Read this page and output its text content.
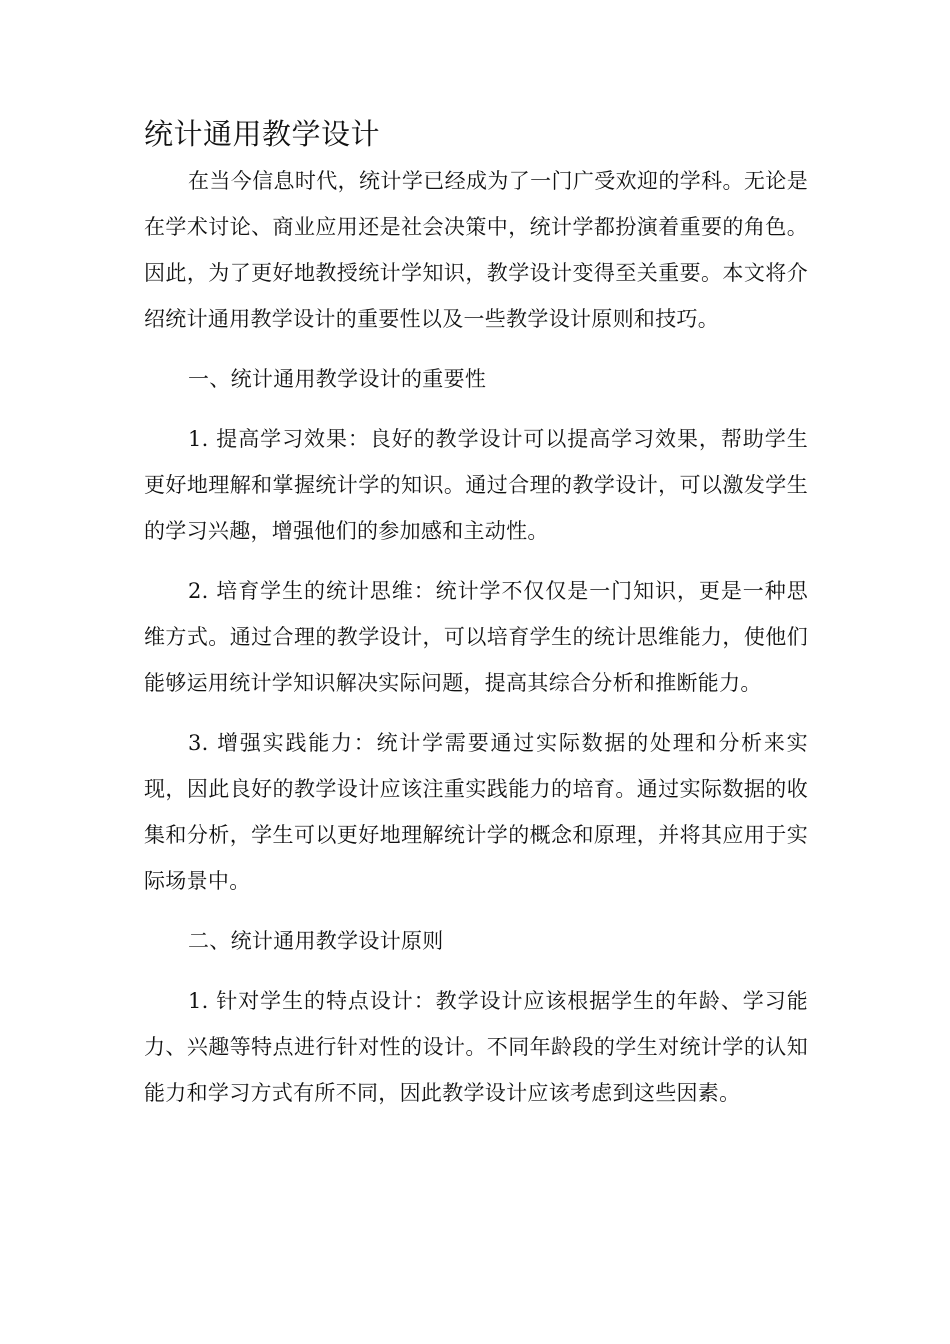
统计通用教学设计

在当今信息时代，统计学已经成为了一门广受欢迎的学科。无论是在学术讨论、商业应用还是社会决策中，统计学都扮演着重要的角色。因此，为了更好地教授统计学知识，教学设计变得至关重要。本文将介绍统计通用教学设计的重要性以及一些教学设计原则和技巧。

一、统计通用教学设计的重要性

1. 提高学习效果：良好的教学设计可以提高学习效果，帮助学生更好地理解和掌握统计学的知识。通过合理的教学设计，可以激发学生的学习兴趣，增强他们的参加感和主动性。

2. 培育学生的统计思维：统计学不仅仅是一门知识，更是一种思维方式。通过合理的教学设计，可以培育学生的统计思维能力，使他们能够运用统计学知识解决实际问题，提高其综合分析和推断能力。

3. 增强实践能力：统计学需要通过实际数据的处理和分析来实现，因此良好的教学设计应该注重实践能力的培育。通过实际数据的收集和分析，学生可以更好地理解统计学的概念和原理，并将其应用于实际场景中。

二、统计通用教学设计原则

1. 针对学生的特点设计：教学设计应该根据学生的年龄、学习能力、兴趣等特点进行针对性的设计。不同年龄段的学生对统计学的认知能力和学习方式有所不同，因此教学设计应该考虑到这些因素。
